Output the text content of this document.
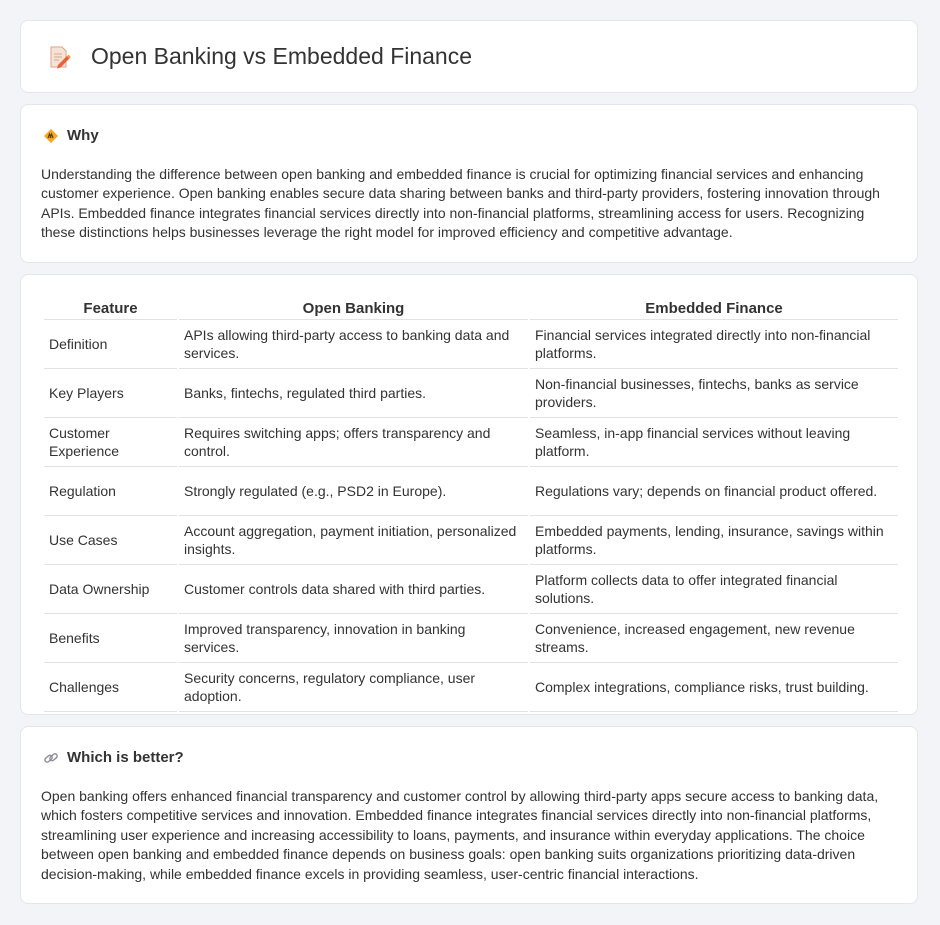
Open Banking vs Embedded Finance
Why

Understanding the difference between open banking and embedded finance is crucial for optimizing financial services and enhancing customer experience. Open banking enables secure data sharing between banks and third-party providers, fostering innovation through APIs. Embedded finance integrates financial services directly into non-financial platforms, streamlining access for users. Recognizing these distinctions helps businesses leverage the right model for improved efficiency and competitive advantage.

Feature	Open Banking	Embedded Finance
Definition	APIs allowing third-party access to banking data and services.	Financial services integrated directly into non-financial platforms.
Key Players	Banks, fintechs, regulated third parties.	Non-financial businesses, fintechs, banks as service providers.
Customer Experience	Requires switching apps; offers transparency and control.	Seamless, in-app financial services without leaving platform.
Regulation	Strongly regulated (e.g., PSD2 in Europe).	Regulations vary; depends on financial product offered.
Use Cases	Account aggregation, payment initiation, personalized insights.	Embedded payments, lending, insurance, savings within platforms.
Data Ownership	Customer controls data shared with third parties.	Platform collects data to offer integrated financial solutions.
Benefits	Improved transparency, innovation in banking services.	Convenience, increased engagement, new revenue streams.
Challenges	Security concerns, regulatory compliance, user adoption.	Complex integrations, compliance risks, trust building.
Which is better?

Open banking offers enhanced financial transparency and customer control by allowing third-party apps secure access to banking data, which fosters competitive services and innovation. Embedded finance integrates financial services directly into non-financial platforms, streamlining user experience and increasing accessibility to loans, payments, and insurance within everyday applications. The choice between open banking and embedded finance depends on business goals: open banking suits organizations prioritizing data-driven decision-making, while embedded finance excels in providing seamless, user-centric financial interactions.
